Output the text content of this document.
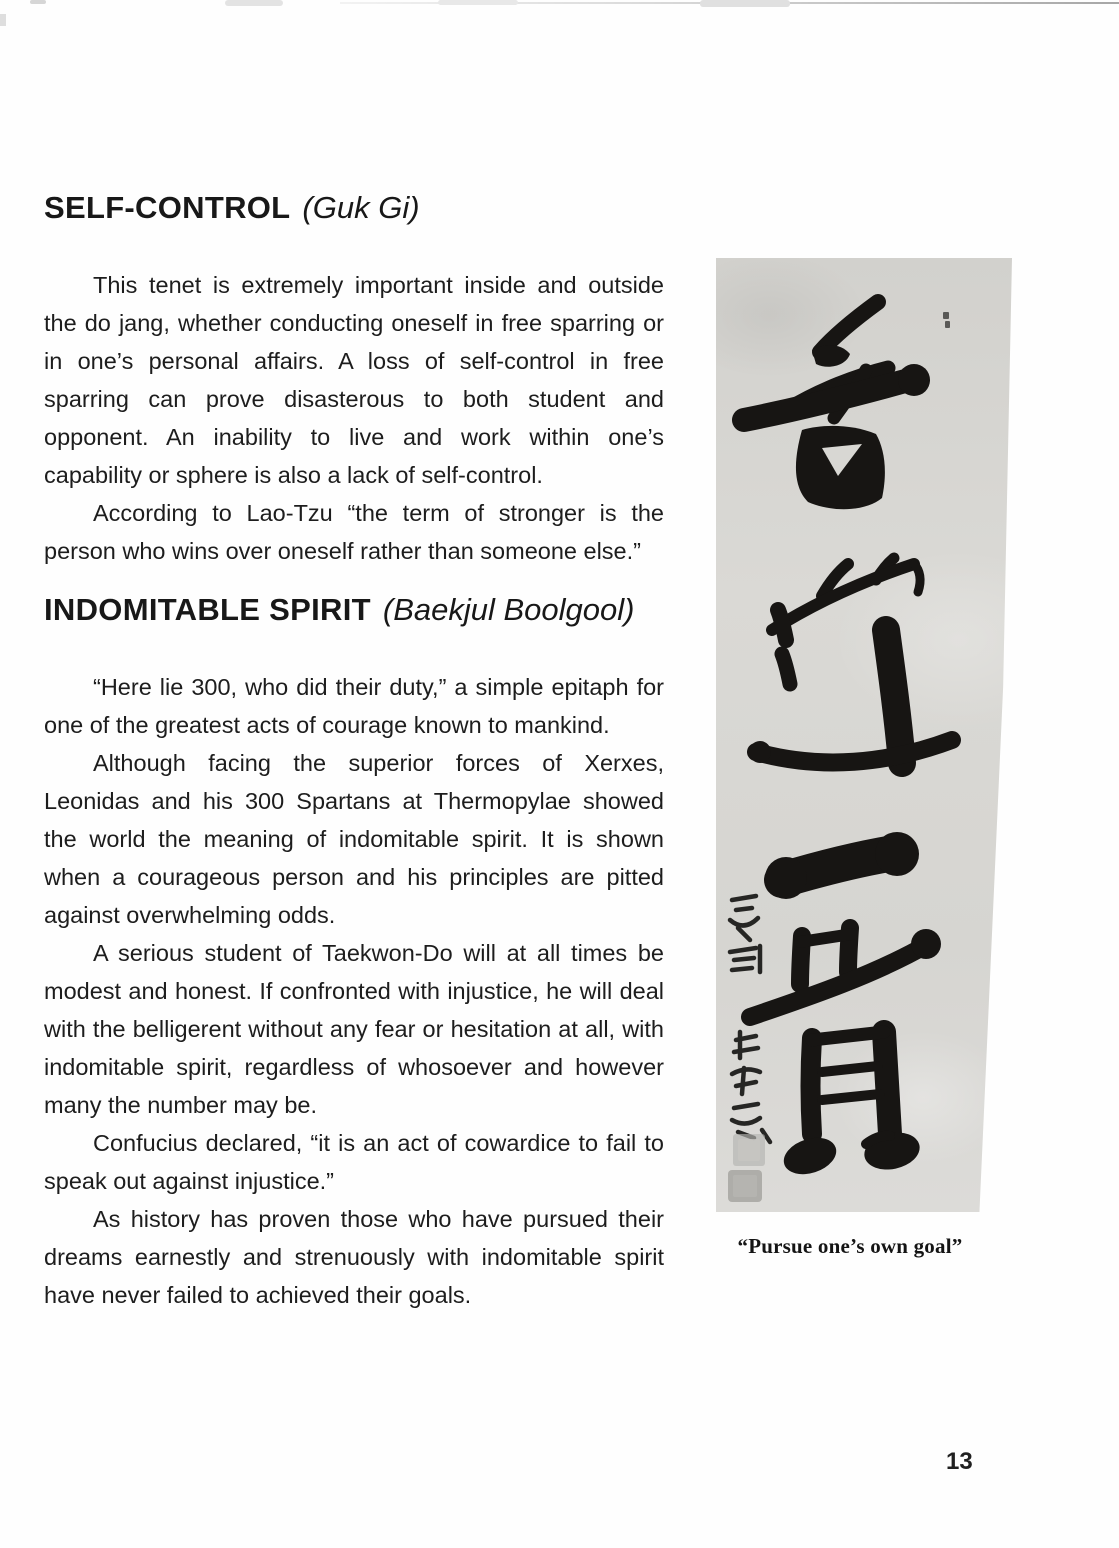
SELF-CONTROL (Guk Gi)

This tenet is extremely important inside and outside the do jang, whether conducting oneself in free sparring or in one’s personal affairs. A loss of self-control in free sparring can prove disasterous to both student and opponent. An inability to live and work within one’s capability or sphere is also a lack of self-control.

According to Lao-Tzu “the term of stronger is the person who wins over oneself rather than someone else.”

INDOMITABLE SPIRIT (Baekjul Boolgool)

“Here lie 300, who did their duty,” a simple epitaph for one of the greatest acts of courage known to mankind.

Although facing the superior forces of Xerxes, Leonidas and his 300 Spartans at Thermopylae showed the world the meaning of indomitable spirit. It is shown when a courageous person and his principles are pitted against overwhelming odds.

A serious student of Taekwon-Do will at all times be modest and honest. If confronted with injustice, he will deal with the belligerent without any fear or hesitation at all, with indomitable spirit, regardless of whosoever and however many the number may be.

Confucius declared, “it is an act of cowardice to fail to speak out against injustice.”

As history has proven those who have pursued their dreams earnestly and strenuously with indomitable spirit have never failed to achieved their goals.

“Pursue one’s own goal”
13
